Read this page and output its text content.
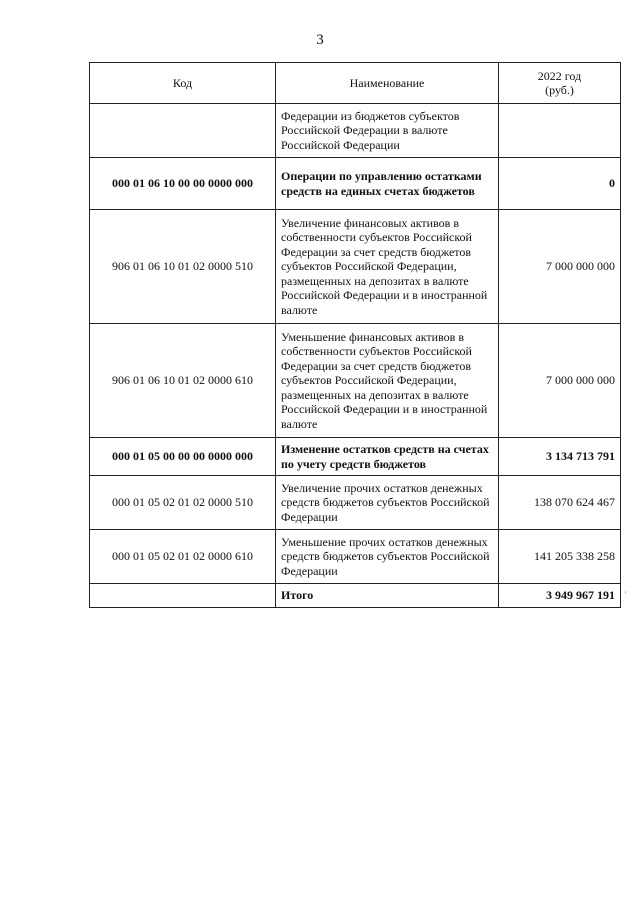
3
Код	Наименование	2022 год
(руб.)
	Федерации из бюджетов субъектов Российской Федерации в валюте Российской Федерации	
000 01 06 10 00 00 0000 000	Операции по управлению остатками средств на единых счетах бюджетов	0
906 01 06 10 01 02 0000 510	Увеличение финансовых активов в собственности субъектов Российской Федерации за счет средств бюджетов субъектов Российской Федерации, размещенных на депозитах в валюте Российской Федерации и в иностранной валюте	7 000 000 000
906 01 06 10 01 02 0000 610	Уменьшение финансовых активов в собственности субъектов Российской Федерации за счет средств бюджетов субъектов Российской Федерации, размещенных на депозитах в валюте Российской Федерации и в иностранной валюте	7 000 000 000
000 01 05 00 00 00 0000 000	Изменение остатков средств на счетах по учету средств бюджетов	3 134 713 791
000 01 05 02 01 02 0000 510	Увеличение прочих остатков денежных средств бюджетов субъектов Российской Федерации	138 070 624 467
000 01 05 02 01 02 0000 610	Уменьшение прочих остатков денежных средств бюджетов субъектов Российской Федерации	141 205 338 258
	Итого	3 949 967 191 '
